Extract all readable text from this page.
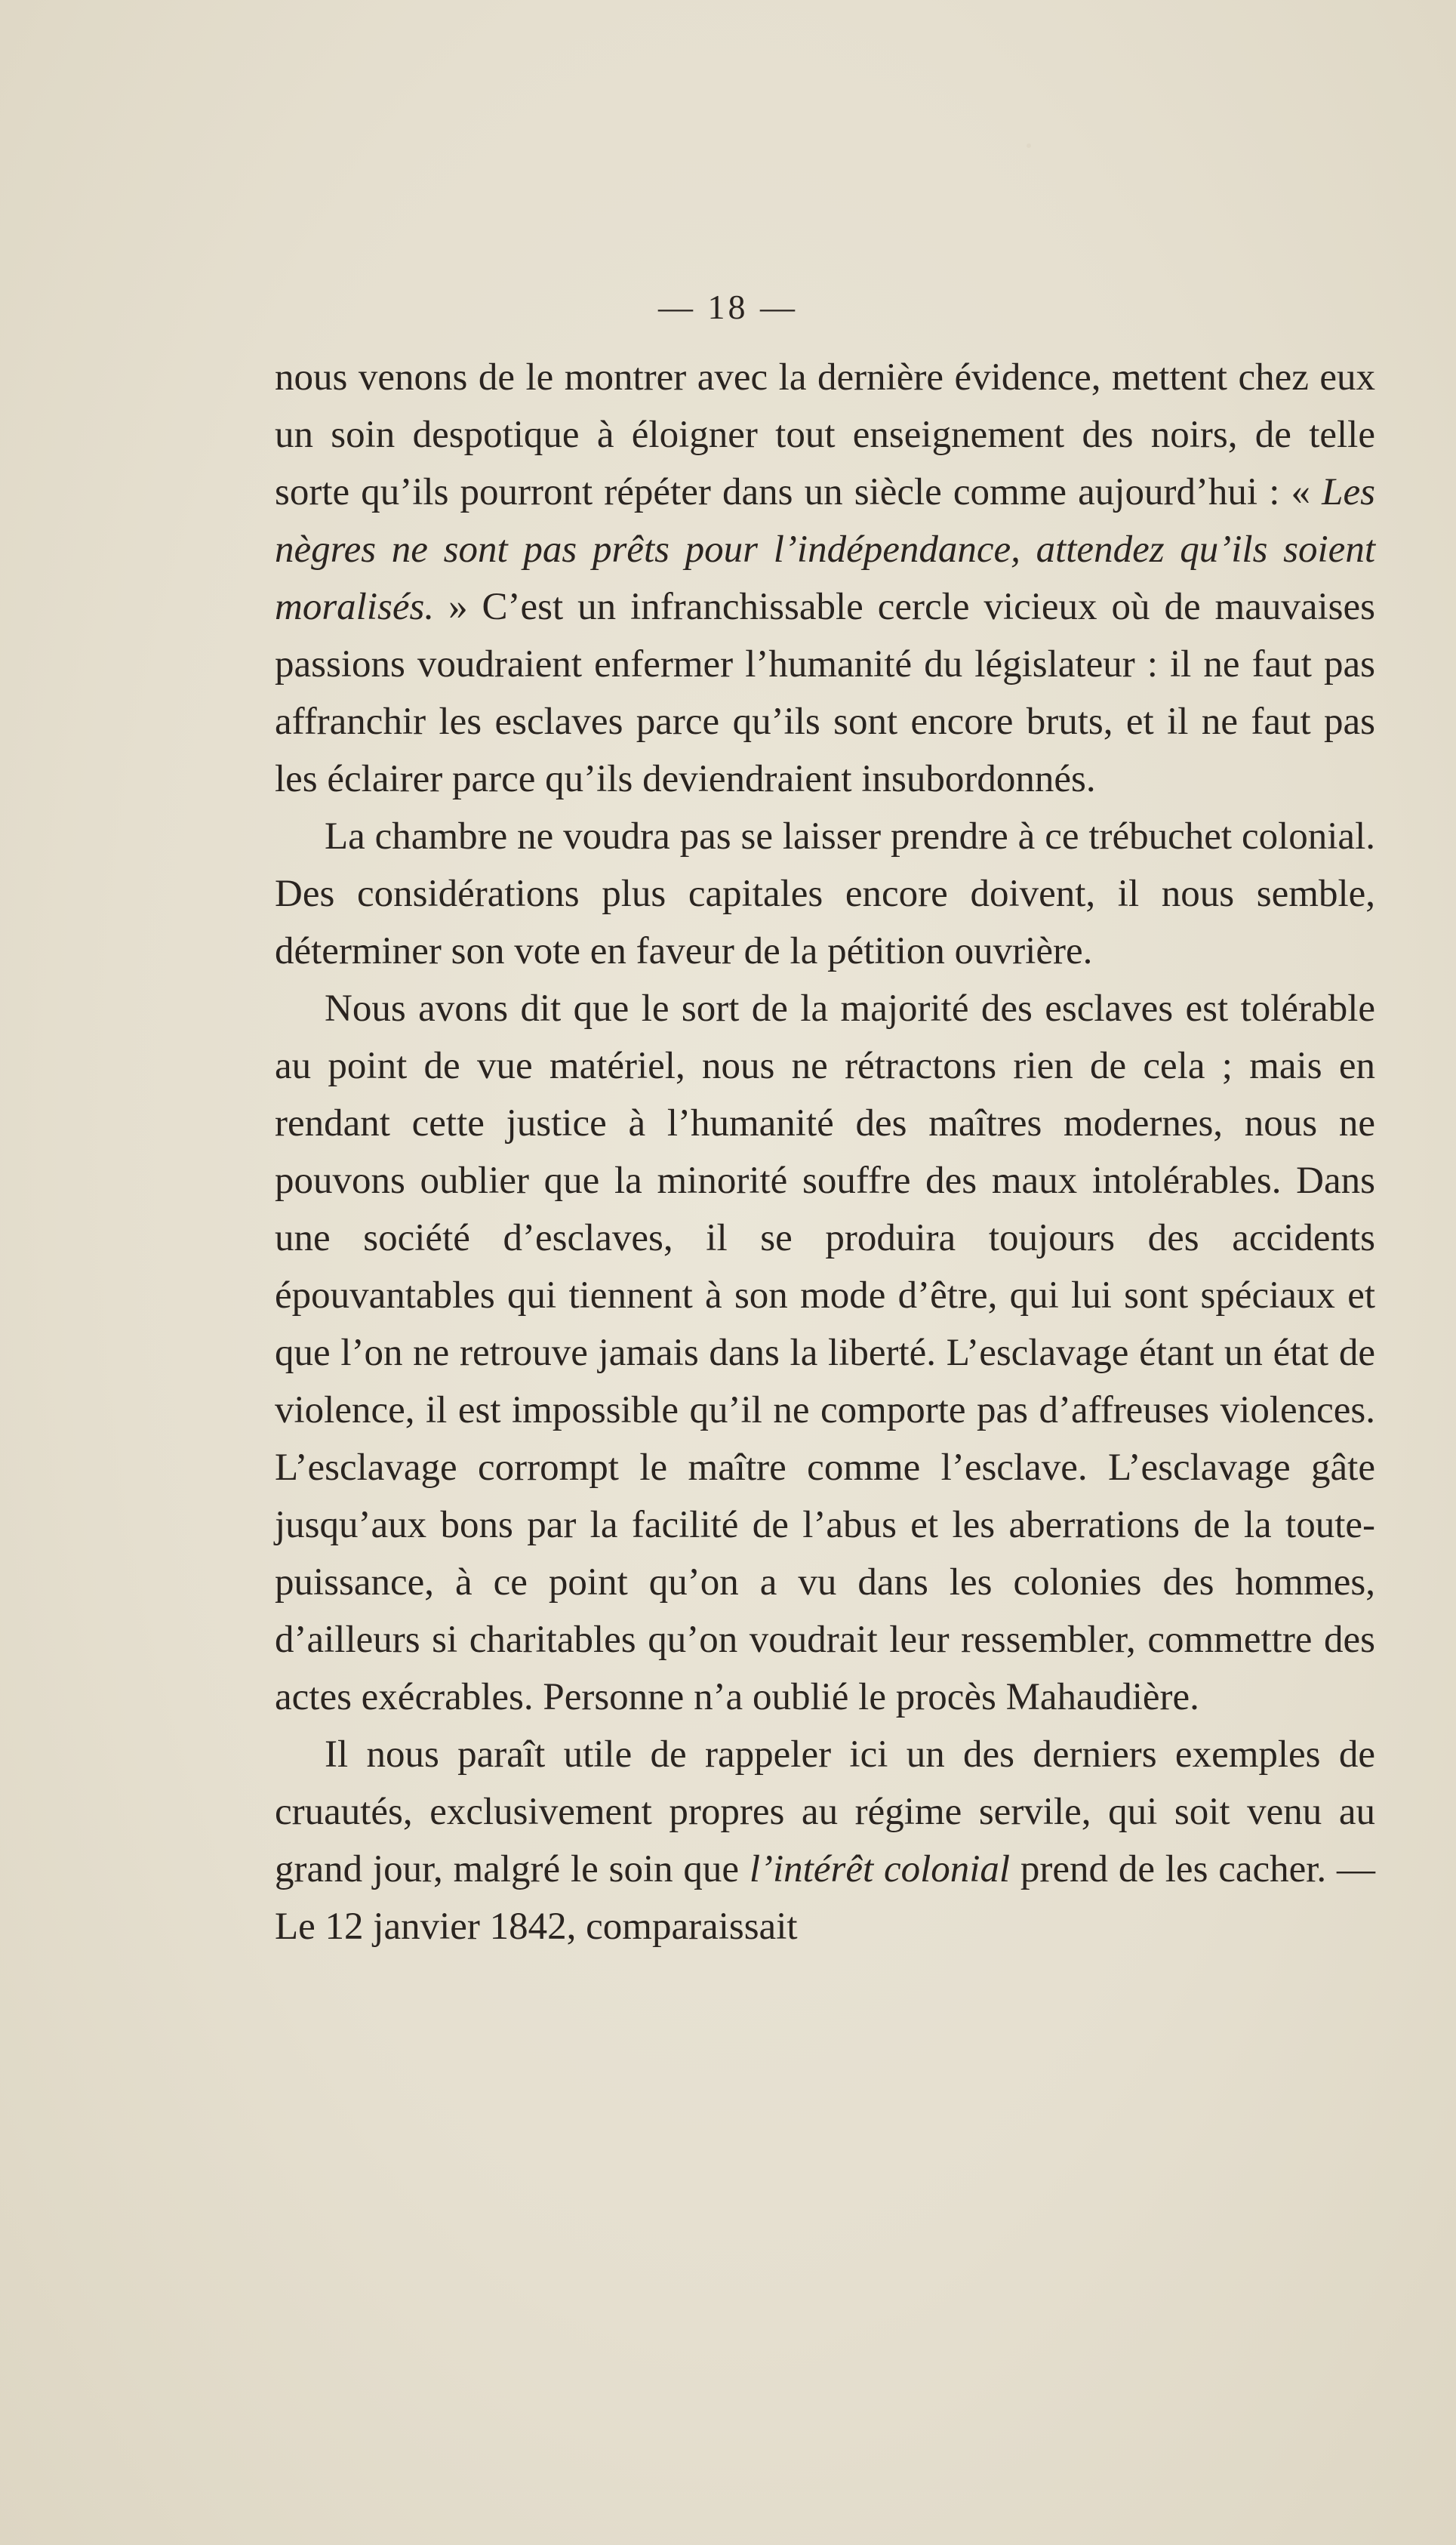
— 18 —

nous venons de le montrer avec la dernière évidence, mettent chez eux un soin despotique à éloigner tout enseignement des noirs, de telle sorte qu’ils pourront répéter dans un siècle comme aujourd’hui : « Les nègres ne sont pas prêts pour l’indépendance, attendez qu’ils soient moralisés. » C’est un infranchissable cercle vicieux où de mauvaises passions voudraient enfermer l’humanité du législateur : il ne faut pas affranchir les esclaves parce qu’ils sont encore bruts, et il ne faut pas les éclairer parce qu’ils deviendraient insubordonnés.

La chambre ne voudra pas se laisser prendre à ce trébuchet colonial. Des considérations plus capitales encore doivent, il nous semble, déterminer son vote en faveur de la pétition ouvrière.

Nous avons dit que le sort de la majorité des esclaves est tolérable au point de vue matériel, nous ne rétractons rien de cela ; mais en rendant cette justice à l’humanité des maîtres modernes, nous ne pouvons oublier que la minorité souffre des maux intolérables. Dans une société d’esclaves, il se produira toujours des accidents épouvantables qui tiennent à son mode d’être, qui lui sont spéciaux et que l’on ne retrouve jamais dans la liberté. L’esclavage étant un état de violence, il est impossible qu’il ne comporte pas d’affreuses violences. L’esclavage corrompt le maître comme l’esclave. L’esclavage gâte jusqu’aux bons par la facilité de l’abus et les aberrations de la toute-puissance, à ce point qu’on a vu dans les colonies des hommes, d’ailleurs si charitables qu’on voudrait leur ressembler, commettre des actes exécrables. Personne n’a oublié le procès Mahaudière.

Il nous paraît utile de rappeler ici un des derniers exemples de cruautés, exclusivement propres au régime servile, qui soit venu au grand jour, malgré le soin que l’intérêt colonial prend de les cacher. — Le 12 janvier 1842, comparaissait
